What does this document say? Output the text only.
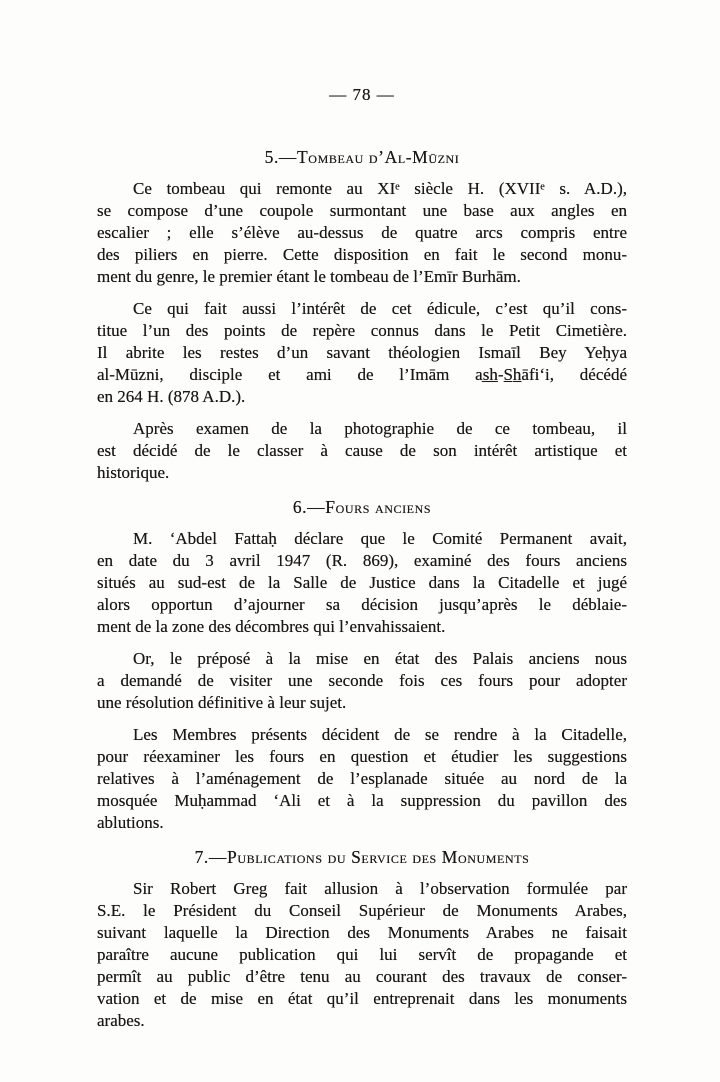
— 78 —
5.—Tombeau d’Al-Mūzni

Ce tombeau qui remonte au XIᵉ siècle H. (XVIIᵉ s. A.D.),
se compose d’une coupole surmontant une base aux angles en
escalier ; elle s’élève au-dessus de quatre arcs compris entre
des piliers en pierre. Cette disposition en fait le second monu-
ment du genre, le premier étant le tombeau de l’Emīr Burhām.

Ce qui fait aussi l’intérêt de cet édicule, c’est qu’il cons-
titue l’un des points de repère connus dans le Petit Cimetière.
Il abrite les restes d’un savant théologien Ismaīl Bey Yeḥya
al-Mūzni, disciple et ami de l’Imām as̲h̲-S̲h̲āfi‘i, décédé
en 264 H. (878 A.D.).

Après examen de la photographie de ce tombeau, il
est décidé de le classer à cause de son intérêt artistique et
historique.

6.—Fours anciens

M. ‘Abdel Fattaḥ déclare que le Comité Permanent avait,
en date du 3 avril 1947 (R. 869), examiné des fours anciens
situés au sud-est de la Salle de Justice dans la Citadelle et jugé
alors opportun d’ajourner sa décision jusqu’après le déblaie-
ment de la zone des décombres qui l’envahissaient.

Or, le préposé à la mise en état des Palais anciens nous
a demandé de visiter une seconde fois ces fours pour adopter
une résolution définitive à leur sujet.

Les Membres présents décident de se rendre à la Citadelle,
pour réexaminer les fours en question et étudier les suggestions
relatives à l’aménagement de l’esplanade située au nord de la
mosquée Muḥammad ‘Ali et à la suppression du pavillon des
ablutions.

7.—Publications du Service des Monuments

Sir Robert Greg fait allusion à l’observation formulée par
S.E. le Président du Conseil Supérieur de Monuments Arabes,
suivant laquelle la Direction des Monuments Arabes ne faisait
paraître aucune publication qui lui servît de propagande et
permît au public d’être tenu au courant des travaux de conser-
vation et de mise en état qu’il entreprenait dans les monuments
arabes.
